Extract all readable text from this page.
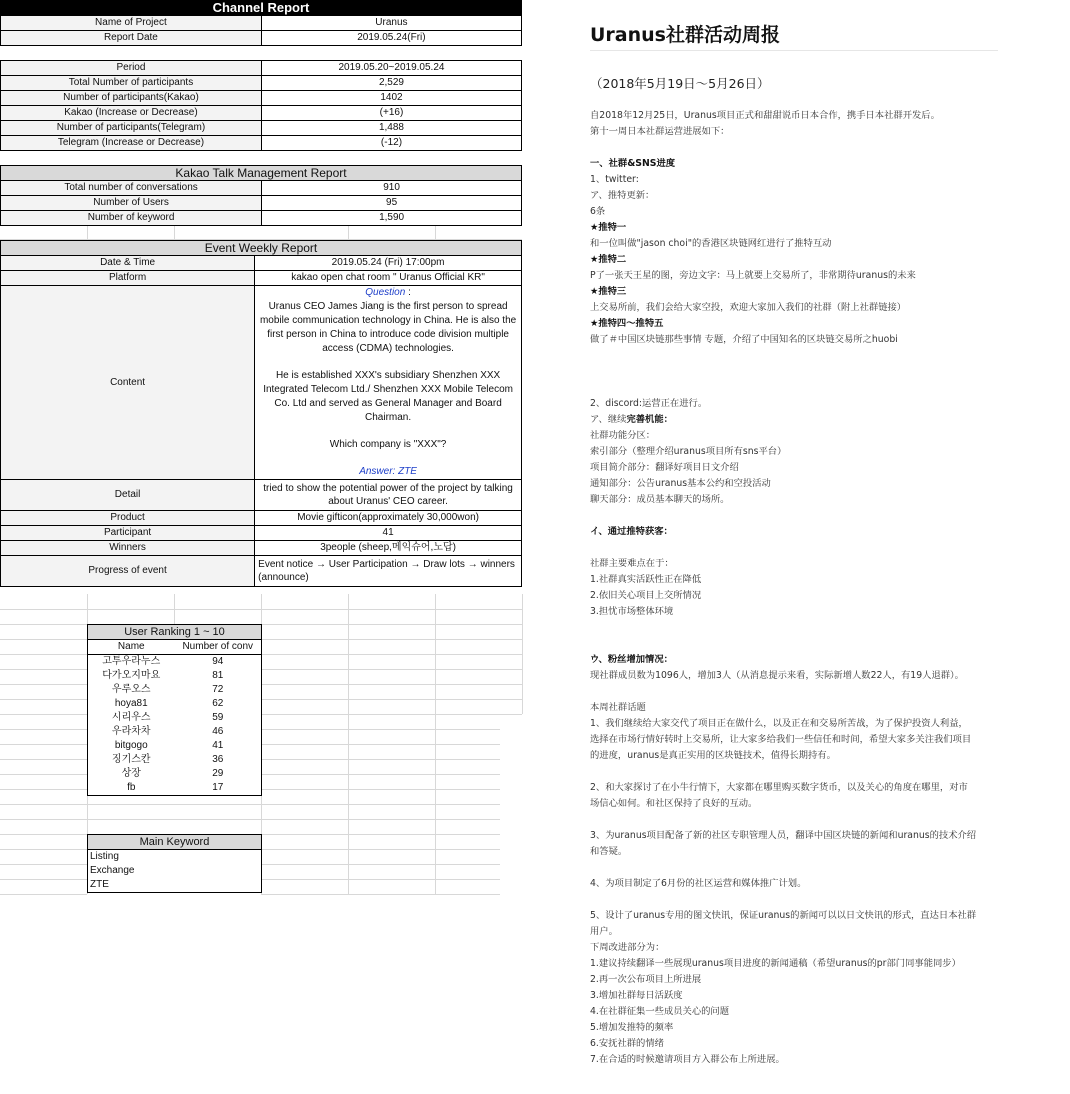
Channel Report
Name of Project	Uranus
Report Date	2019.05.24(Fri)
Period	2019.05.20~2019.05.24
Total Number of participants	2,529
Number of participants(Kakao)	1402
Kakao (Increase or Decrease)	(+16)
Number of participants(Telegram)	1,488
Telegram (Increase or Decrease)	(-12)
Kakao Talk Management Report	
Total number of conversations	910
Number of Users	95
Number of keyword	1,590
Event Weekly Report	
Date & Time	2019.05.24 (Fri) 17:00pm
Platform	kakao open chat room " Uranus Official KR"
Content	Question :
Uranus CEO James Jiang is the first person to spread mobile communication technology in China. He is also the first person in China to introduce code division multiple access (CDMA) technologies.
He is established XXX's subsidiary Shenzhen XXX Integrated Telecom Ltd./ Shenzhen XXX Mobile Telecom Co. Ltd and served as General Manager and Board Chairman.
Which company is "XXX"?
Answer: ZTE

Detail	tried to show the potential power of the project by talking about Uranus' CEO career.
Product	Movie gifticon(approximately 30,000won)
Participant	41
Winners	3people (sheep,메익슈어,노답)
Progress of event	Event notice → User Participation → Draw lots → winners (announce)
User Ranking 1 ~ 10	
Name	Number of conv
고투우라누스	94
다가오지마요	81
우루오스	72
hoya81	62
시리우스	59
우라차차	46
bitgogo	41
징기스칸	36
상장	29
fb	17
Main Keyword
Listing
Exchange
ZTE
Uranus社群活动周报
（2018年5月19日～5月26日）

自2018年12月25日，Uranus项目正式和甜甜说币日本合作，携手日本社群开发后。

第十一周日本社群运营进展如下：

一、社群&SNS进度

1、twitter:

ア、推特更新：

6条

★推特一

和一位叫做"jason choi"的香港区块链网红进行了推特互动

★推特二

P了一张天王星的图，旁边文字：马上就要上交易所了，非常期待uranus的未来

★推特三

上交易所前，我们会给大家空投，欢迎大家加入我们的社群（附上社群链接）

★推特四～推特五

做了＃中国区块链那些事情 专题，介绍了中国知名的区块链交易所之huobi

2、discord:运营正在进行。

ア、继续完善机能：

社群功能分区：

索引部分（整理介绍uranus项目所有sns平台）

项目简介部分：翻译好项目日文介绍

通知部分：公告uranus基本公约和空投活动

聊天部分：成员基本聊天的场所。

イ、通过推特获客：

社群主要难点在于：

1.社群真实活跃性正在降低

2.依旧关心项目上交所情况

3.担忧市场整体环境

ウ、粉丝增加情况：

现社群成员数为1096人，增加3人（从消息提示来看，实际新增人数22人，有19人退群）。

本周社群话题

1、我们继续给大家交代了项目正在做什么，以及正在和交易所苦战，为了保护投资人利益，

选择在市场行情好转时上交易所，让大家多给我们一些信任和时间，希望大家多关注我们项目

的进度，uranus是真正实用的区块链技术，值得长期持有。

2、和大家探讨了在小牛行情下，大家都在哪里购买数字货币，以及关心的角度在哪里，对市

场信心如何。和社区保持了良好的互动。

3、为uranus项目配备了新的社区专职管理人员，翻译中国区块链的新闻和uranus的技术介绍

和答疑。

4、为项目制定了6月份的社区运营和媒体推广计划。

5、设计了uranus专用的图文快讯，保证uranus的新闻可以以日文快讯的形式，直达日本社群

用户。

下周改进部分为：

1.建议持续翻译一些展现uranus项目进度的新闻通稿（希望uranus的pr部门同事能同步）

2.再一次公布项目上所进展

3.增加社群每日活跃度

4.在社群征集一些成员关心的问题

5.增加发推特的频率

6.安抚社群的情绪

7.在合适的时候邀请项目方入群公布上所进展。
